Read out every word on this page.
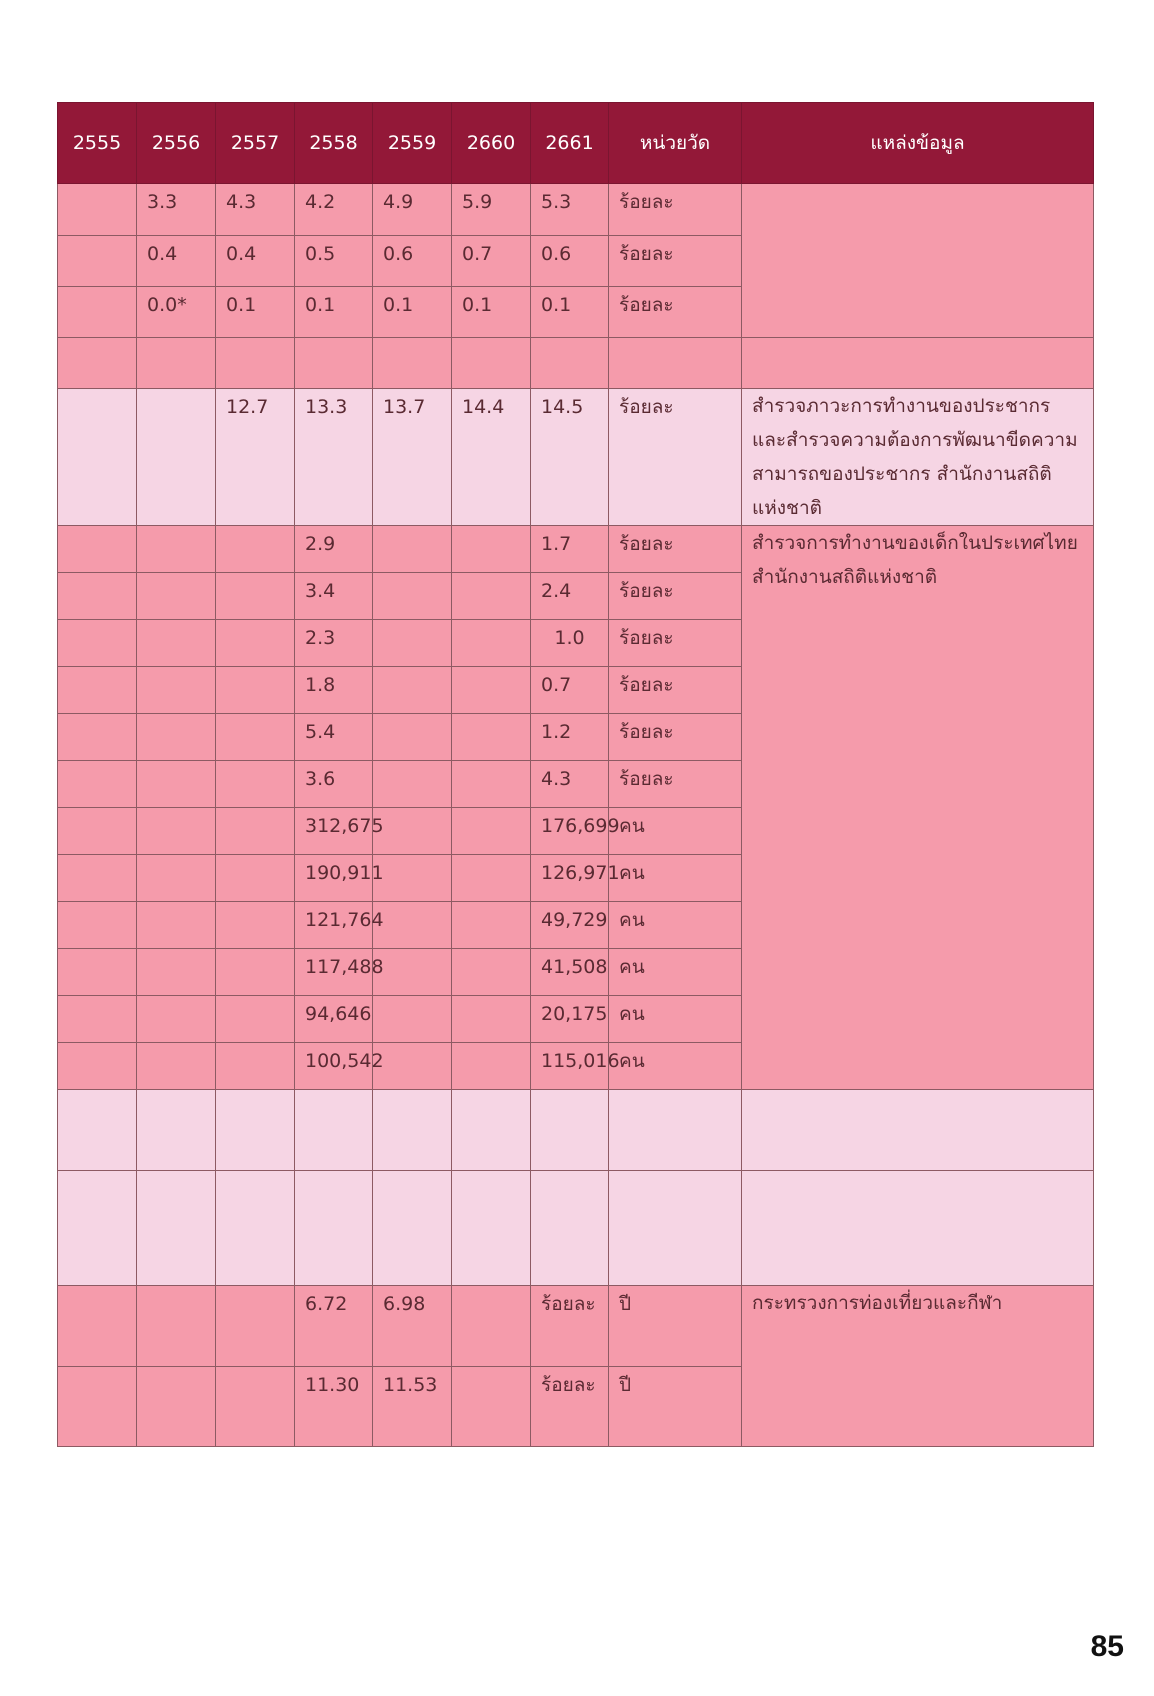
2555	2556	2557	2558	2559	2660	2661	หน่วยวัด	แหล่งข้อมูล
	3.3	4.3	4.2	4.9	5.9	5.3	ร้อยละ	
	0.4	0.4	0.5	0.6	0.7	0.6	ร้อยละ	
	0.0*	0.1	0.1	0.1	0.1	0.1	ร้อยละ	

		12.7	13.3	13.7	14.4	14.5	ร้อยละ	สำรวจภาวะการทำงานของประชากร และสำรวจความต้องการพัฒนาขีดความสามารถของประชากร สำนักงานสถิติแห่งชาติ
			2.9			1.7	ร้อยละ	สำรวจการทำงานของเด็กในประเทศไทย สำนักงานสถิติแห่งชาติ
			3.4			2.4	ร้อยละ	
			2.3			1.0	ร้อยละ	
			1.8			0.7	ร้อยละ	
			5.4			1.2	ร้อยละ	
			3.6			4.3	ร้อยละ	
			312,675			176,699	คน	
			190,911			126,971	คน	
			121,764			49,729	คน	
			117,488			41,508	คน	
			94,646			20,175	คน	
			100,542			115,016	คน	

			6.72	6.98		ร้อยละ	ปี	กระทรวงการท่องเที่ยวและกีฬา
			11.30	11.53		ร้อยละ	ปี	
85
